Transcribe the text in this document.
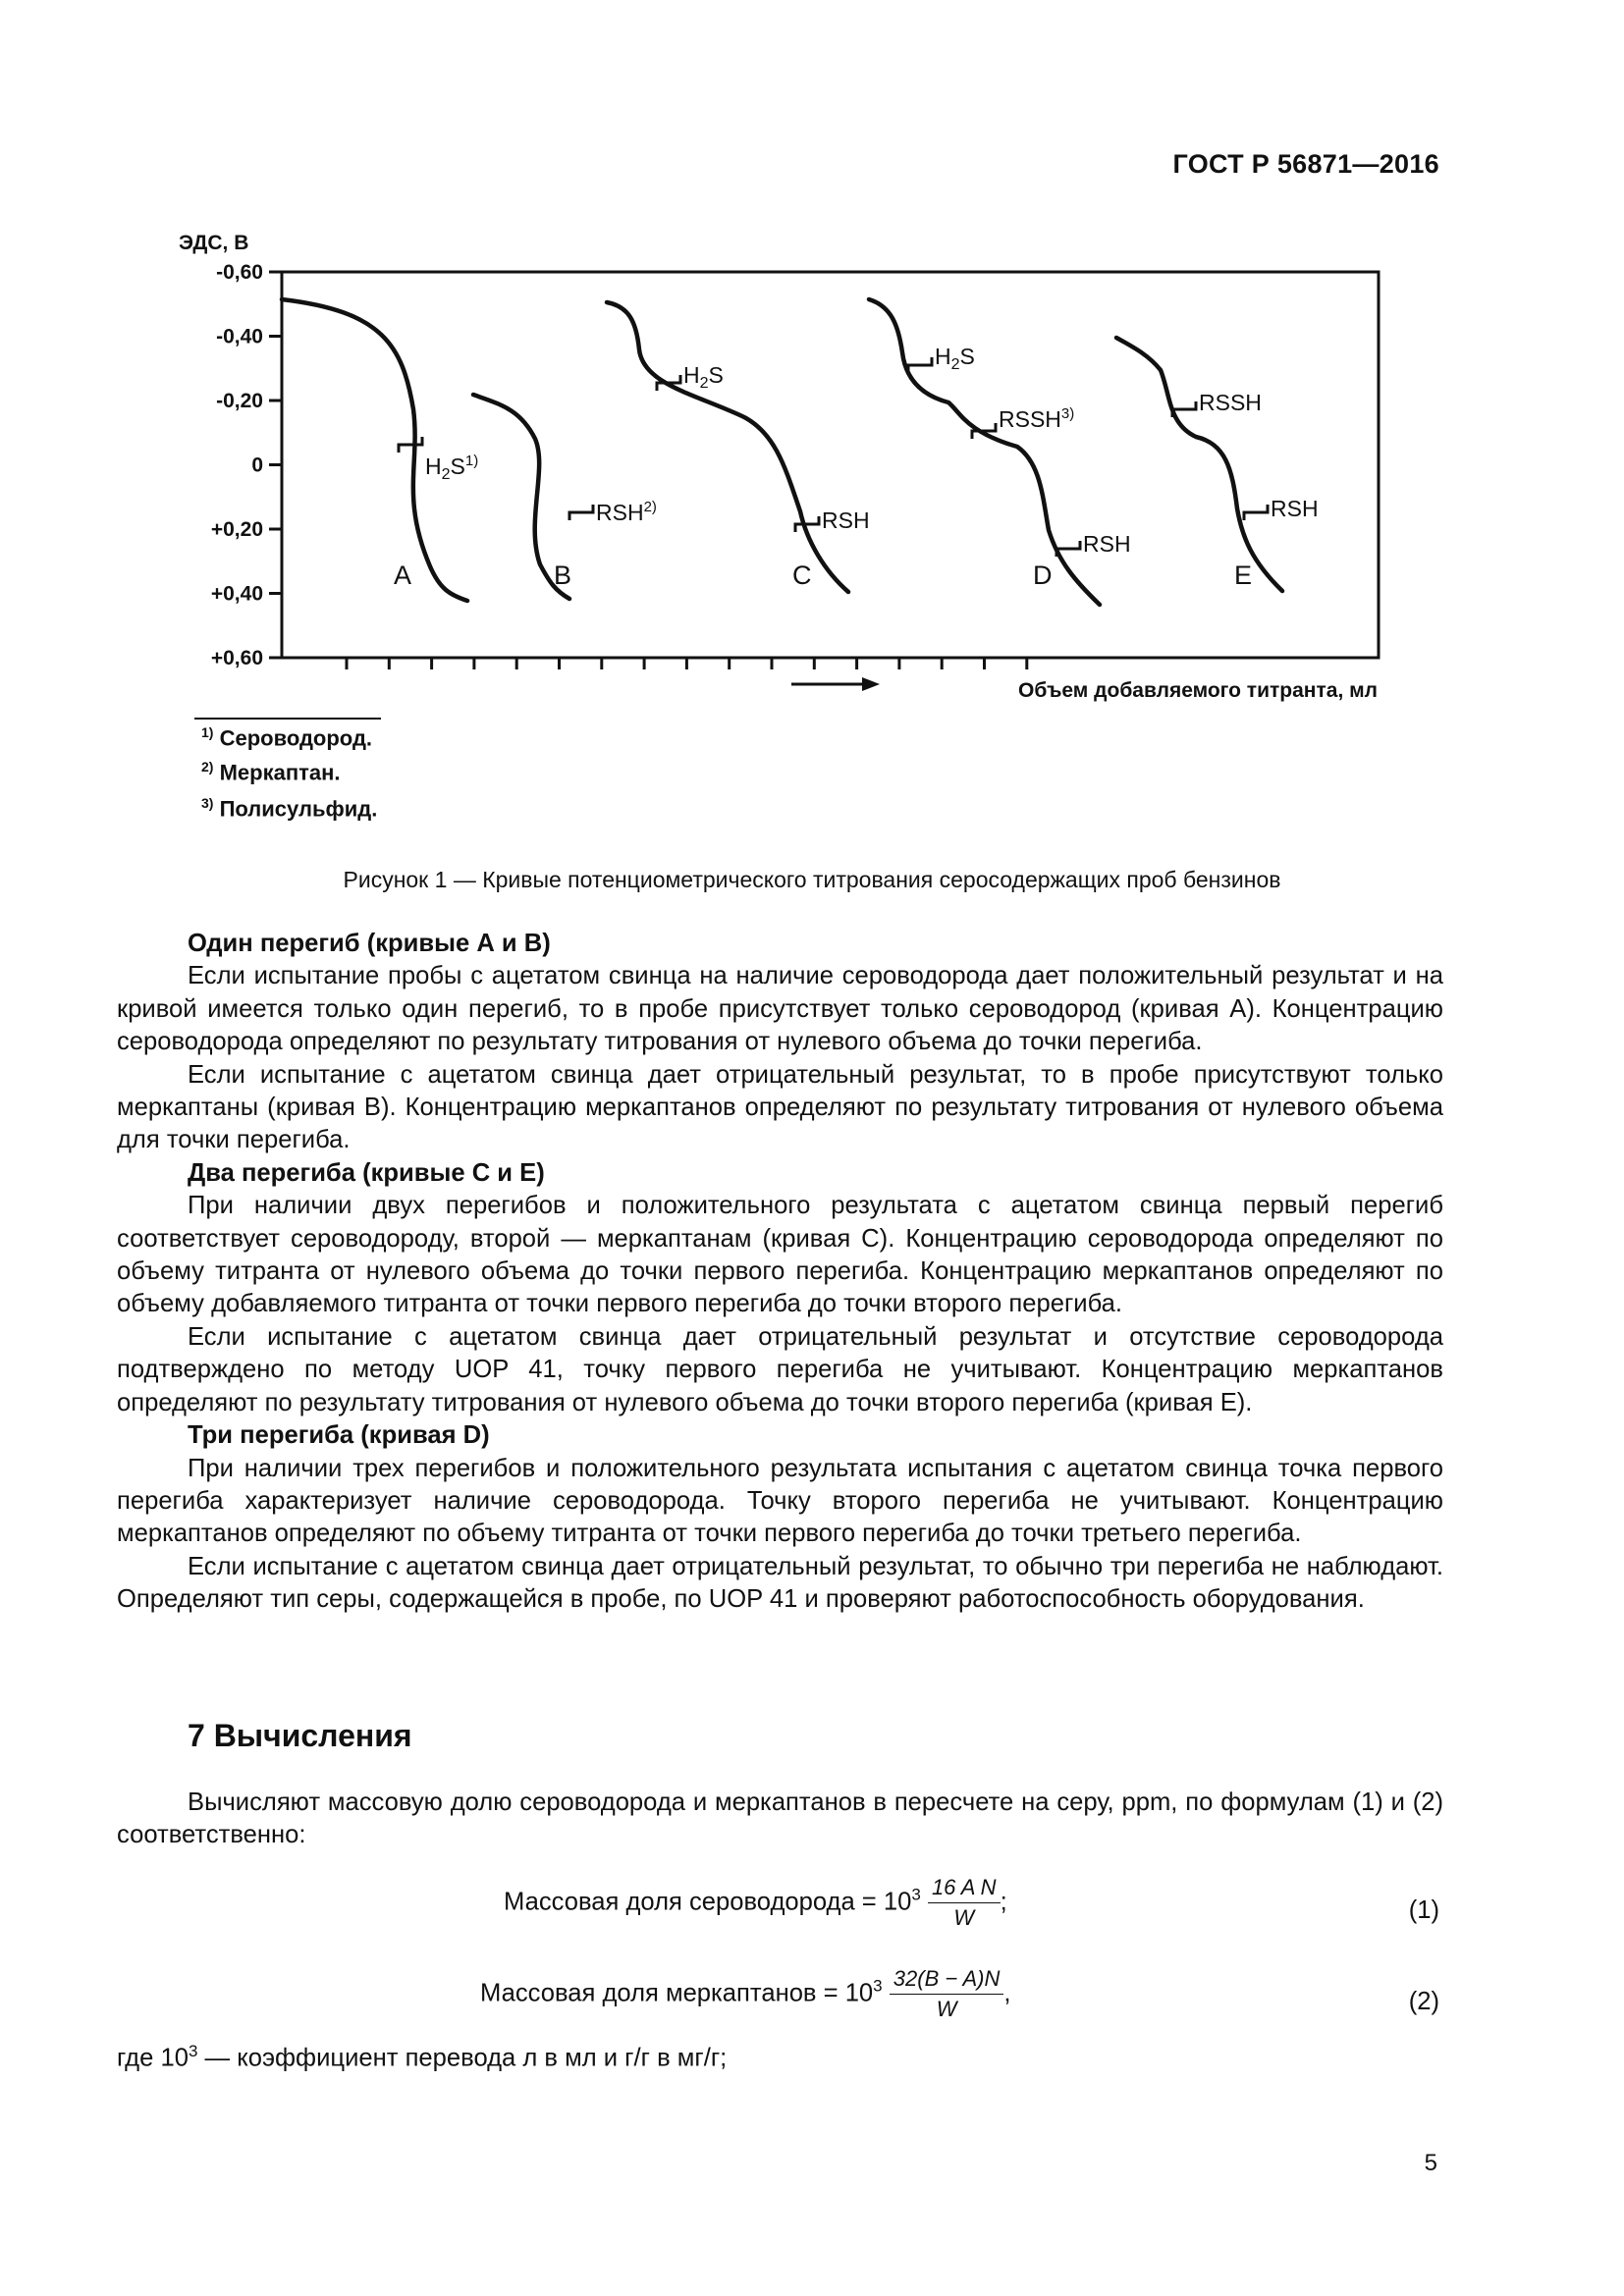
ГОСТ Р 56871—2016
ЭДС, В
-0,60
-0,40
-0,20
0
+0,20
+0,40
+0,60
Объем добавляемого титранта, мл
A
$H_2S^{1)}$
B
RSH$^{2)}$
C
$H_2S$
RSH
D
$H_2S$
RSSH$^{3)}$
RSH
E
RSSH
RSH
$^{1)}$ Сероводород.
$^{2)}$ Меркаптан.
$^{3)}$ Полисульфид.
Рисунок 1 — Кривые потенциометрического титрования серосодержащих проб бензинов

Один перегиб (кривые А и В)

Если испытание пробы с ацетатом свинца на наличие сероводорода дает положительный результат и на кривой имеется только один перегиб, то в пробе присутствует только сероводород (кривая А). Концентрацию сероводорода определяют по результату титрования от нулевого объема до точки перегиба.

Если испытание с ацетатом свинца дает отрицательный результат, то в пробе присутствуют только меркаптаны (кривая В). Концентрацию меркаптанов определяют по результату титрования от нулевого объема для точки перегиба.

Два перегиба (кривые С и Е)

При наличии двух перегибов и положительного результата с ацетатом свинца первый перегиб соответствует сероводороду, второй — меркаптанам (кривая С). Концентрацию сероводорода определяют по объему титранта от нулевого объема до точки первого перегиба. Концентрацию меркаптанов определяют по объему добавляемого титранта от точки первого перегиба до точки второго перегиба.

Если испытание с ацетатом свинца дает отрицательный результат и отсутствие сероводорода подтверждено по методу UOP 41, точку первого перегиба не учитывают. Концентрацию меркаптанов определяют по результату титрования от нулевого объема до точки второго перегиба (кривая Е).

Три перегиба (кривая D)

При наличии трех перегибов и положительного результата испытания с ацетатом свинца точка первого перегиба характеризует наличие сероводорода. Точку второго перегиба не учитывают. Концентрацию меркаптанов определяют по объему титранта от точки первого перегиба до точки третьего перегиба.

Если испытание с ацетатом свинца дает отрицательный результат, то обычно три перегиба не наблюдают. Определяют тип серы, содержащейся в пробе, по UOP 41 и проверяют работоспособность оборудования.

7 Вычисления

Вычисляют массовую долю сероводорода и меркаптанов в пересчете на серу, ppm, по формулам (1) и (2) соответственно:

Массовая доля сероводорода = $10^3 \frac{\text{16 A N}}{W}$ ;	(1)
Массовая доля меркаптанов = $10^3 \frac{32(B - A)N}{W}$ ,	(2)
где $10^3$ — коэффициент перевода л в мл и г/г в мг/г;
5
